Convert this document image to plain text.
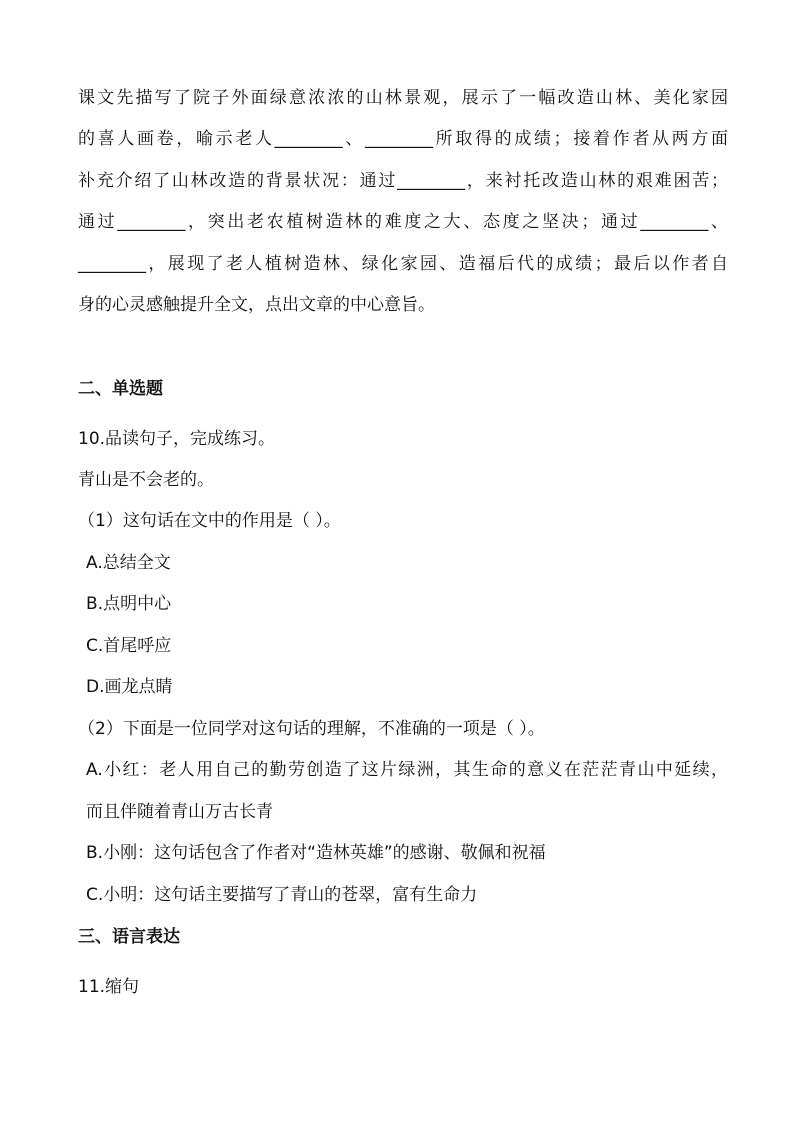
课文先描写了院子外面绿意浓浓的山林景观，展示了一幅改造山林、美化家园
的喜人画卷，喻示老人________、________所取得的成绩；接着作者从两方面
补充介绍了山林改造的背景状况：通过________，来衬托改造山林的艰难困苦；
通过________，突出老农植树造林的难度之大、态度之坚决；通过________、
________，展现了老人植树造林、绿化家园、造福后代的成绩；最后以作者自
身的心灵感触提升全文，点出文章的中心意旨。
二、单选题
10.品读句子，完成练习。
青山是不会老的。
（1）这句话在文中的作用是（ ）。
A.总结全文
B.点明中心
C.首尾呼应
D.画龙点睛
（2）下面是一位同学对这句话的理解，不准确的一项是（ ）。
A.小红：老人用自己的勤劳创造了这片绿洲，其生命的意义在茫茫青山中延续，
而且伴随着青山万古长青
B.小刚：这句话包含了作者对“造林英雄”的感谢、敬佩和祝福
C.小明：这句话主要描写了青山的苍翠，富有生命力
三、语言表达
11.缩句
